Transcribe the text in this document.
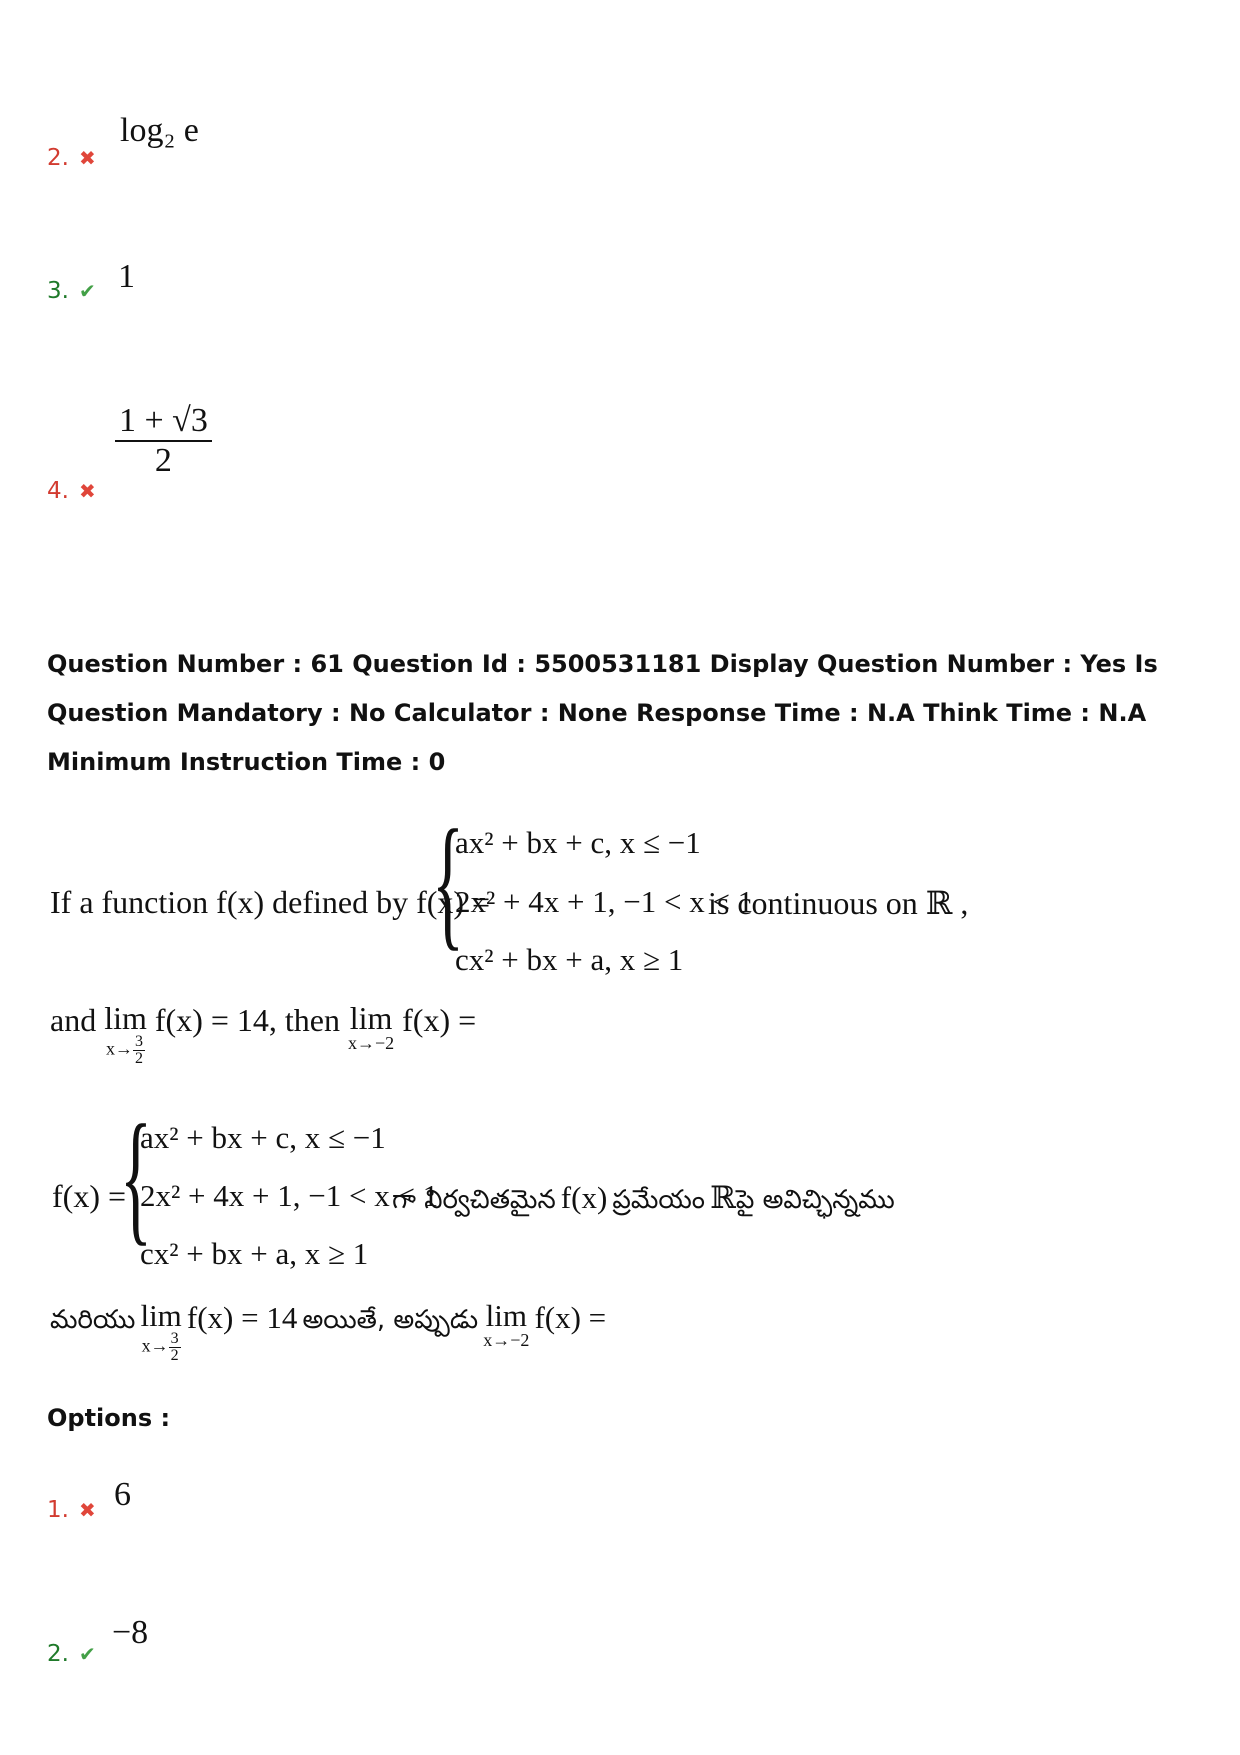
2. ✖
log₂ e
3. ✔ 1
4. ✖
$\frac{1 + √3}{2}$
Question Number : 61 Question Id : 5500531181 Display Question Number : Yes Is Question Mandatory : No Calculator : None Response Time : N.A Think Time : N.A Minimum Instruction Time : 0
If a function f(x) defined by f(x) =
{
ax² + bx + c, x ≤ −1
2x² + 4x + 1, −1 < x < 1
cx² + bx + a, x ≥ 1
is continuous on ℝ ,
and lim
$x\to \frac{3}{2}$
f(x) = 14, then lim
x→−2
f(x) =
f(x) =
{
ax² + bx + c, x ≤ −1
2x² + 4x + 1, −1 < x < 1
cx² + bx + a, x ≥ 1
గా నిర్వచితమైన f(x) ప్రమేయం ℝపై అవిచ్ఛిన్నము
మరియు lim
$x\to \frac{3}{2}$
f(x) = 14 అయితే, అప్పుడు lim
x→−2
f(x) =
Options :
1. ✖ 6
2. ✔
−8
